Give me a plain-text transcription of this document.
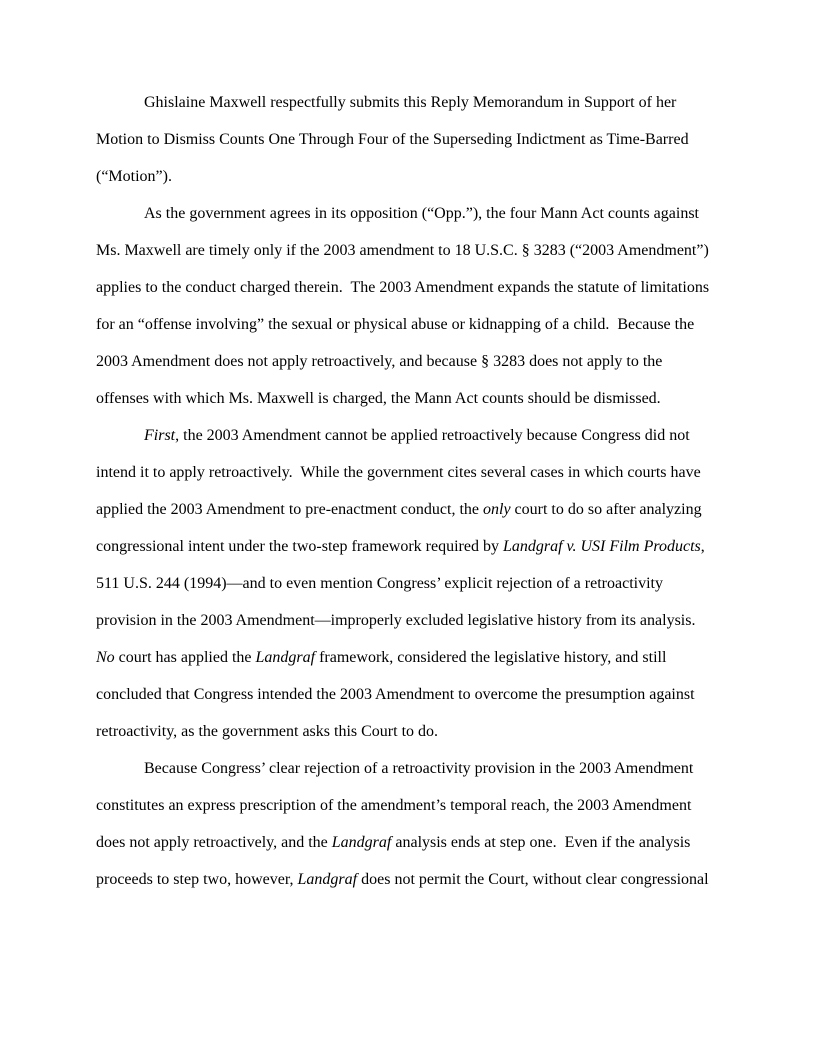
Ghislaine Maxwell respectfully submits this Reply Memorandum in Support of her Motion to Dismiss Counts One Through Four of the Superseding Indictment as Time-Barred (“Motion”).

As the government agrees in its opposition (“Opp.”), the four Mann Act counts against Ms. Maxwell are timely only if the 2003 amendment to 18 U.S.C. § 3283 (“2003 Amendment”) applies to the conduct charged therein.  The 2003 Amendment expands the statute of limitations for an “offense involving” the sexual or physical abuse or kidnapping of a child.  Because the 2003 Amendment does not apply retroactively, and because § 3283 does not apply to the offenses with which Ms. Maxwell is charged, the Mann Act counts should be dismissed.

First, the 2003 Amendment cannot be applied retroactively because Congress did not intend it to apply retroactively.  While the government cites several cases in which courts have applied the 2003 Amendment to pre-enactment conduct, the only court to do so after analyzing congressional intent under the two-step framework required by Landgraf v. USI Film Products, 511 U.S. 244 (1994)—and to even mention Congress’ explicit rejection of a retroactivity provision in the 2003 Amendment—improperly excluded legislative history from its analysis.  No court has applied the Landgraf framework, considered the legislative history, and still concluded that Congress intended the 2003 Amendment to overcome the presumption against retroactivity, as the government asks this Court to do.

Because Congress’ clear rejection of a retroactivity provision in the 2003 Amendment constitutes an express prescription of the amendment’s temporal reach, the 2003 Amendment does not apply retroactively, and the Landgraf analysis ends at step one.  Even if the analysis proceeds to step two, however, Landgraf does not permit the Court, without clear congressional
